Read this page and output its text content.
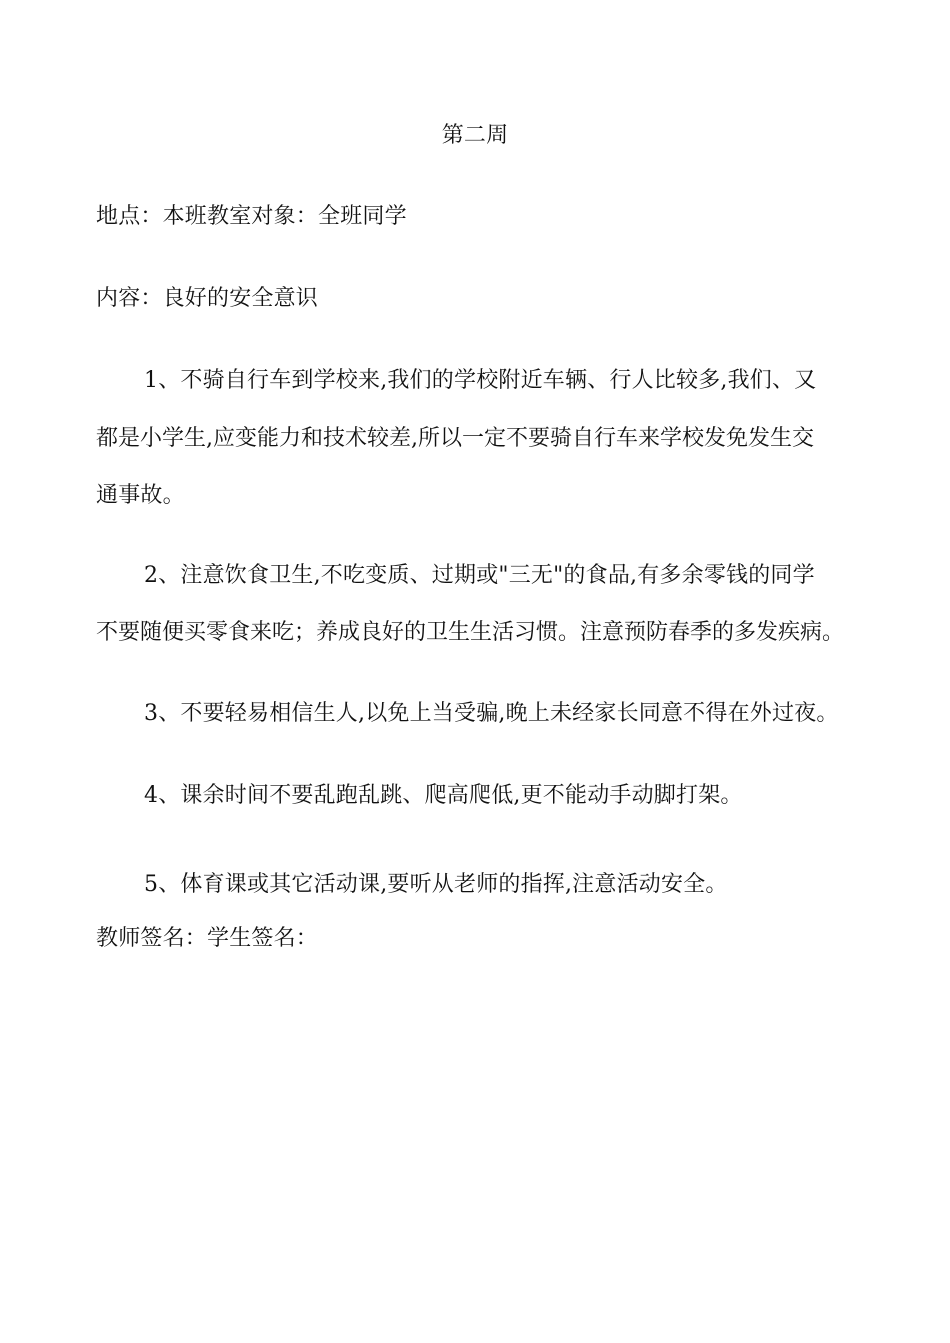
第二周
地点：本班教室对象：全班同学
内容：良好的安全意识
1、不骑自行车到学校来,我们的学校附近车辆、行人比较多,我们、又
都是小学生,应变能力和技术较差,所以一定不要骑自行车来学校发免发生交
通事故。
2、注意饮食卫生,不吃变质、过期或"三无"的食品,有多余零钱的同学
不要随便买零食来吃；养成良好的卫生生活习惯。注意预防春季的多发疾病。
3、不要轻易相信生人,以免上当受骗,晚上未经家长同意不得在外过夜。
4、课余时间不要乱跑乱跳、爬高爬低,更不能动手动脚打架。
5、体育课或其它活动课,要听从老师的指挥,注意活动安全。
教师签名：学生签名：
